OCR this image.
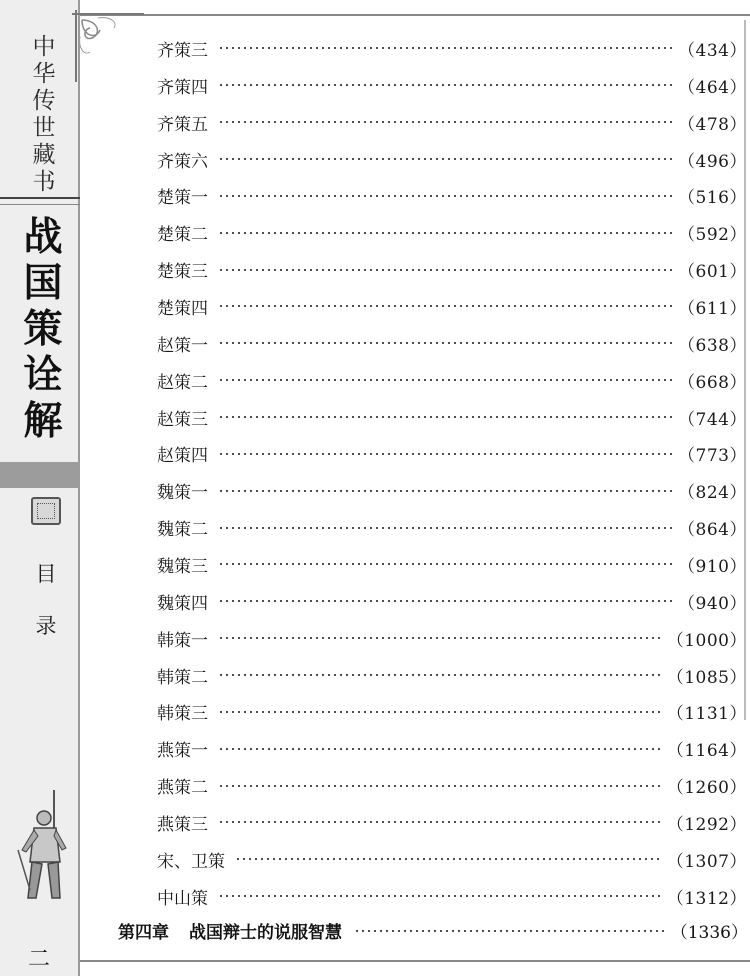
中华传世藏书
战国策诠解
目录
二
齐策三	（434）
齐策四	（464）
齐策五	（478）
齐策六	（496）
楚策一	（516）
楚策二	（592）
楚策三	（601）
楚策四	（611）
赵策一	（638）
赵策二	（668）
赵策三	（744）
赵策四	（773）
魏策一	（824）
魏策二	（864）
魏策三	（910）
魏策四	（940）
韩策一	（1000）
韩策二	（1085）
韩策三	（1131）
燕策一	（1164）
燕策二	（1260）
燕策三	（1292）
宋、卫策	（1307）
中山策	（1312）
第四章 战国辩士的说服智慧	（1336）
